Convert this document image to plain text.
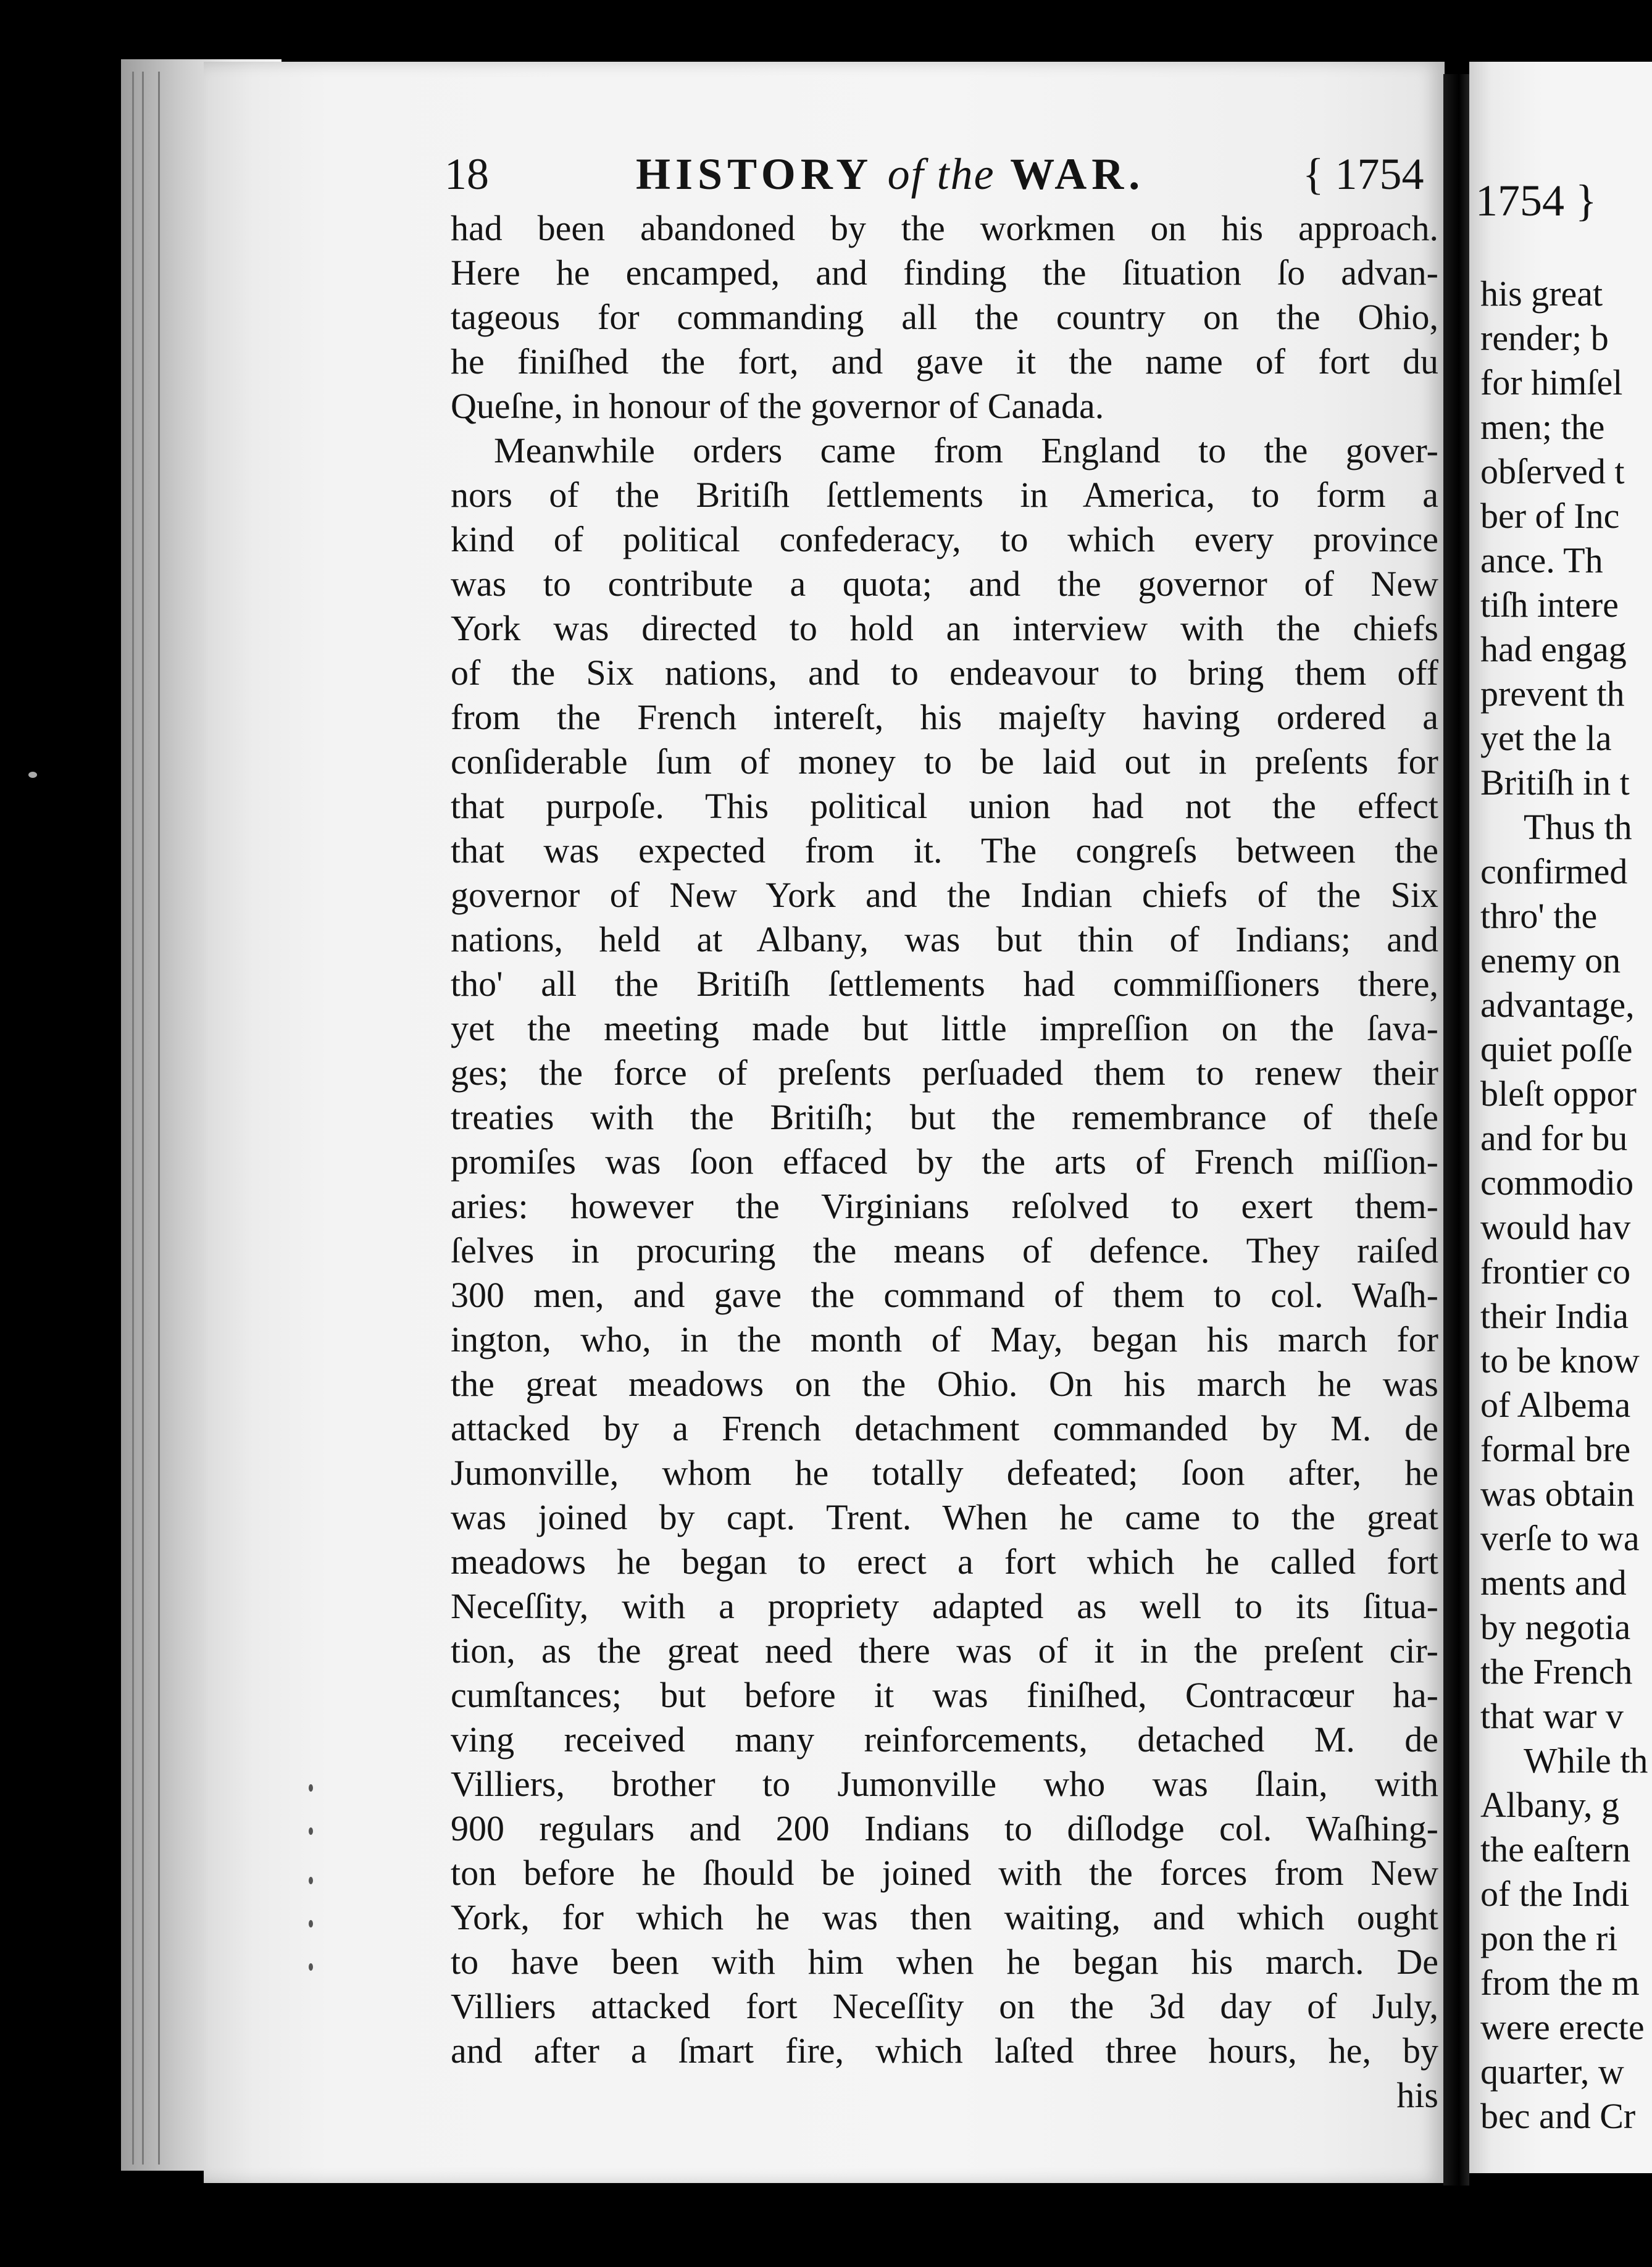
1754 }
his great
render; b
for himſel
men; the
obſerved t
ber of Inc
ance. Th
tiſh intere
had engag
prevent th
yet the la
Britiſh in t
Thus th
confirmed
thro' the
enemy on
advantage,
quiet poſſe
bleſt oppor
and for bu
commodio
would hav
frontier co
their India
to be know
of Albema
formal bre
was obtain
verſe to wa
ments and
by negotia
the French
that war v
While th
Albany, g
the eaſtern
of the Indi
pon the ri
from the m
were erecte
quarter, w
bec and Cr
18	HISTORY of the WAR.	{ 1754
had been abandoned by the workmen on his approach.
Here he encamped, and finding the ſituation ſo advan-
tageous for commanding all the country on the Ohio,
he finiſhed the fort, and gave it the name of fort du
Queſne, in honour of the governor of Canada.
Meanwhile orders came from England to the gover-
nors of the Britiſh ſettlements in America, to form a
kind of political confederacy, to which every province
was to contribute a quota; and the governor of New
York was directed to hold an interview with the chiefs
of the Six nations, and to endeavour to bring them off
from the French intereſt, his majeſty having ordered a
conſiderable ſum of money to be laid out in preſents for
that purpoſe. This political union had not the effect
that was expected from it. The congreſs between the
governor of New York and the Indian chiefs of the Six
nations, held at Albany, was but thin of Indians; and
tho' all the Britiſh ſettlements had commiſſioners there,
yet the meeting made but little impreſſion on the ſava-
ges; the force of preſents perſuaded them to renew their
treaties with the Britiſh; but the remembrance of theſe
promiſes was ſoon effaced by the arts of French miſſion-
aries: however the Virginians reſolved to exert them-
ſelves in procuring the means of defence. They raiſed
300 men, and gave the command of them to col. Waſh-
ington, who, in the month of May, began his march for
the great meadows on the Ohio. On his march he was
attacked by a French detachment commanded by M. de
Jumonville, whom he totally defeated; ſoon after, he
was joined by capt. Trent. When he came to the great
meadows he began to erect a fort which he called fort
Neceſſity, with a propriety adapted as well to its ſitua-
tion, as the great need there was of it in the preſent cir-
cumſtances; but before it was finiſhed, Contracœur ha-
ving received many reinforcements, detached M. de
Villiers, brother to Jumonville who was ſlain, with
900 regulars and 200 Indians to diſlodge col. Waſhing-
ton before he ſhould be joined with the forces from New
York, for which he was then waiting, and which ought
to have been with him when he began his march. De
Villiers attacked fort Neceſſity on the 3d day of July,
and after a ſmart fire, which laſted three hours, he, by
his
